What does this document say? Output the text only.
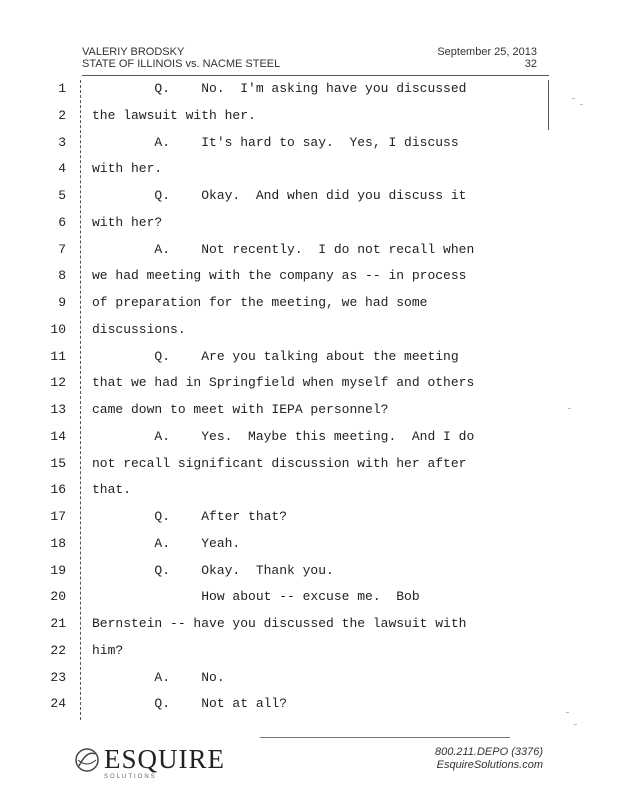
VALERIY BRODSKY
STATE OF ILLINOIS vs. NACME STEEL
September 25, 2013
32
1 Q.    No.  I'm asking have you discussed
2 the lawsuit with her.
3 A.    It's hard to say.  Yes, I discuss
4 with her.
5 Q.    Okay.  And when did you discuss it
6 with her?
7 A.    Not recently.  I do not recall when
8 we had meeting with the company as -- in process
9 of preparation for the meeting, we had some
10 discussions.
11 Q.    Are you talking about the meeting
12 that we had in Springfield when myself and others
13 came down to meet with IEPA personnel?
14 A.    Yes.  Maybe this meeting.  And I do
15 not recall significant discussion with her after
16 that.
17 Q.    After that?
18 A.    Yeah.
19 Q.    Okay.  Thank you.
20 How about -- excuse me.  Bob
21 Bernstein -- have you discussed the lawsuit with
22 him?
23 A.    No.
24 Q.    Not at all?
ESQUIRE
SOLUTIONS
800.211.DEPO (3376)
EsquireSolutions.com
